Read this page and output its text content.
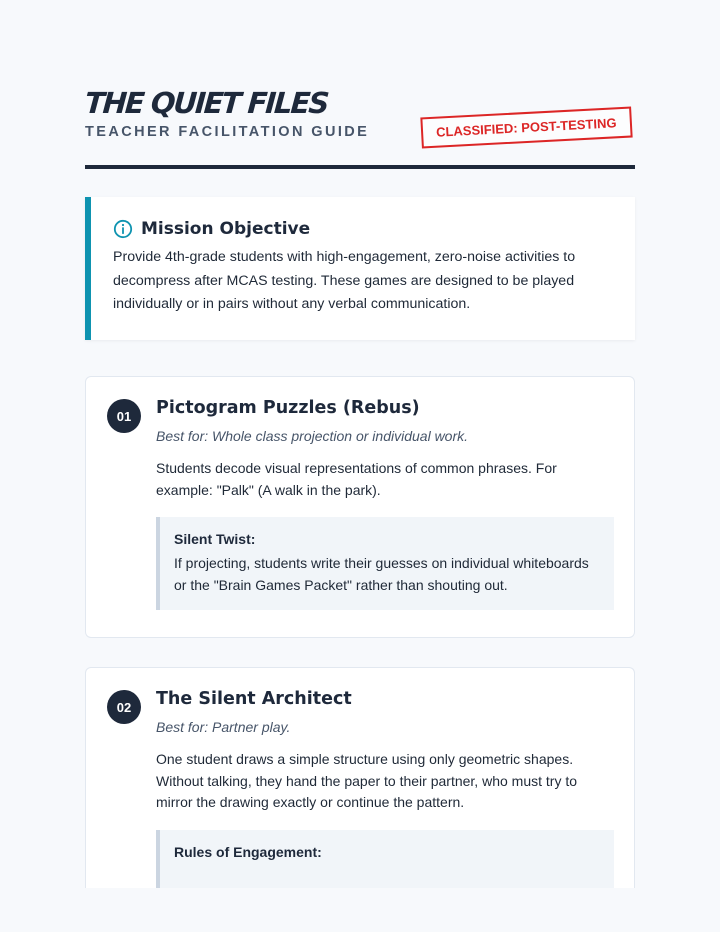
THE QUIET FILES
TEACHER FACILITATION GUIDE	CLASSIFIED: POST-TESTING
Mission Objective

Provide 4th-grade students with high-engagement, zero-noise activities to decompress after MCAS testing. These games are designed to be played individually or in pairs without any verbal communication.

01	Pictogram Puzzles (Rebus)
Best for: Whole class projection or individual work.

Students decode visual representations of common phrases. For example: "Palk" (A walk in the park).

Silent Twist:

If projecting, students write their guesses on individual whiteboards or the "Brain Games Packet" rather than shouting out.

02	The Silent Architect
Best for: Partner play.

One student draws a simple structure using only geometric shapes. Without talking, they hand the paper to their partner, who must try to mirror the drawing exactly or continue the pattern.

Rules of Engagement:
